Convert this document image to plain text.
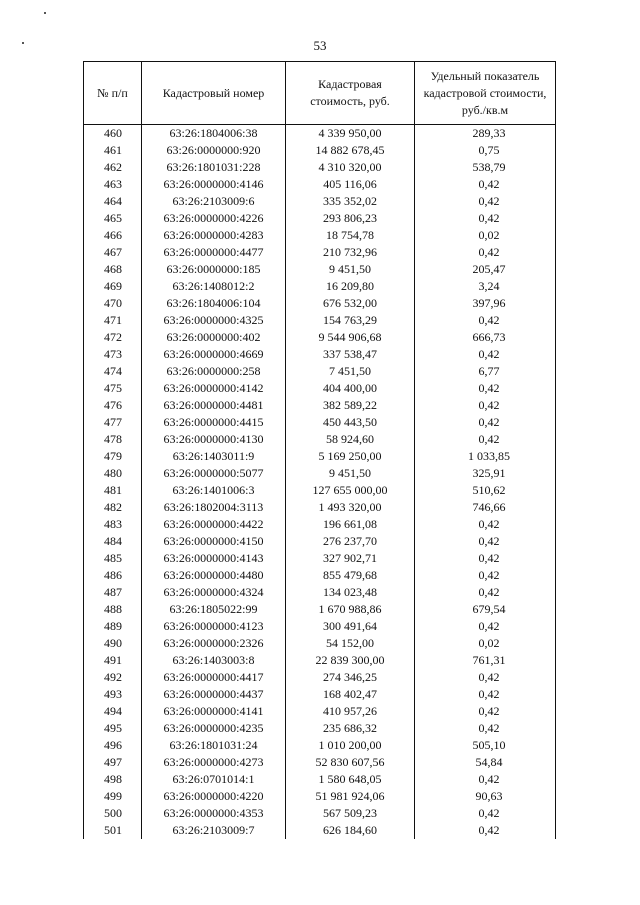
53
№ п/п	Кадастровый номер	Кадастровая стоимость, руб.	Удельный показатель кадастровой стоимости, руб./кв.м
460	63:26:1804006:38	4 339 950,00	289,33
461	63:26:0000000:920	14 882 678,45	0,75
462	63:26:1801031:228	4 310 320,00	538,79
463	63:26:0000000:4146	405 116,06	0,42
464	63:26:2103009:6	335 352,02	0,42
465	63:26:0000000:4226	293 806,23	0,42
466	63:26:0000000:4283	18 754,78	0,02
467	63:26:0000000:4477	210 732,96	0,42
468	63:26:0000000:185	9 451,50	205,47
469	63:26:1408012:2	16 209,80	3,24
470	63:26:1804006:104	676 532,00	397,96
471	63:26:0000000:4325	154 763,29	0,42
472	63:26:0000000:402	9 544 906,68	666,73
473	63:26:0000000:4669	337 538,47	0,42
474	63:26:0000000:258	7 451,50	6,77
475	63:26:0000000:4142	404 400,00	0,42
476	63:26:0000000:4481	382 589,22	0,42
477	63:26:0000000:4415	450 443,50	0,42
478	63:26:0000000:4130	58 924,60	0,42
479	63:26:1403011:9	5 169 250,00	1 033,85
480	63:26:0000000:5077	9 451,50	325,91
481	63:26:1401006:3	127 655 000,00	510,62
482	63:26:1802004:3113	1 493 320,00	746,66
483	63:26:0000000:4422	196 661,08	0,42
484	63:26:0000000:4150	276 237,70	0,42
485	63:26:0000000:4143	327 902,71	0,42
486	63:26:0000000:4480	855 479,68	0,42
487	63:26:0000000:4324	134 023,48	0,42
488	63:26:1805022:99	1 670 988,86	679,54
489	63:26:0000000:4123	300 491,64	0,42
490	63:26:0000000:2326	54 152,00	0,02
491	63:26:1403003:8	22 839 300,00	761,31
492	63:26:0000000:4417	274 346,25	0,42
493	63:26:0000000:4437	168 402,47	0,42
494	63:26:0000000:4141	410 957,26	0,42
495	63:26:0000000:4235	235 686,32	0,42
496	63:26:1801031:24	1 010 200,00	505,10
497	63:26:0000000:4273	52 830 607,56	54,84
498	63:26:0701014:1	1 580 648,05	0,42
499	63:26:0000000:4220	51 981 924,06	90,63
500	63:26:0000000:4353	567 509,23	0,42
501	63:26:2103009:7	626 184,60	0,42
